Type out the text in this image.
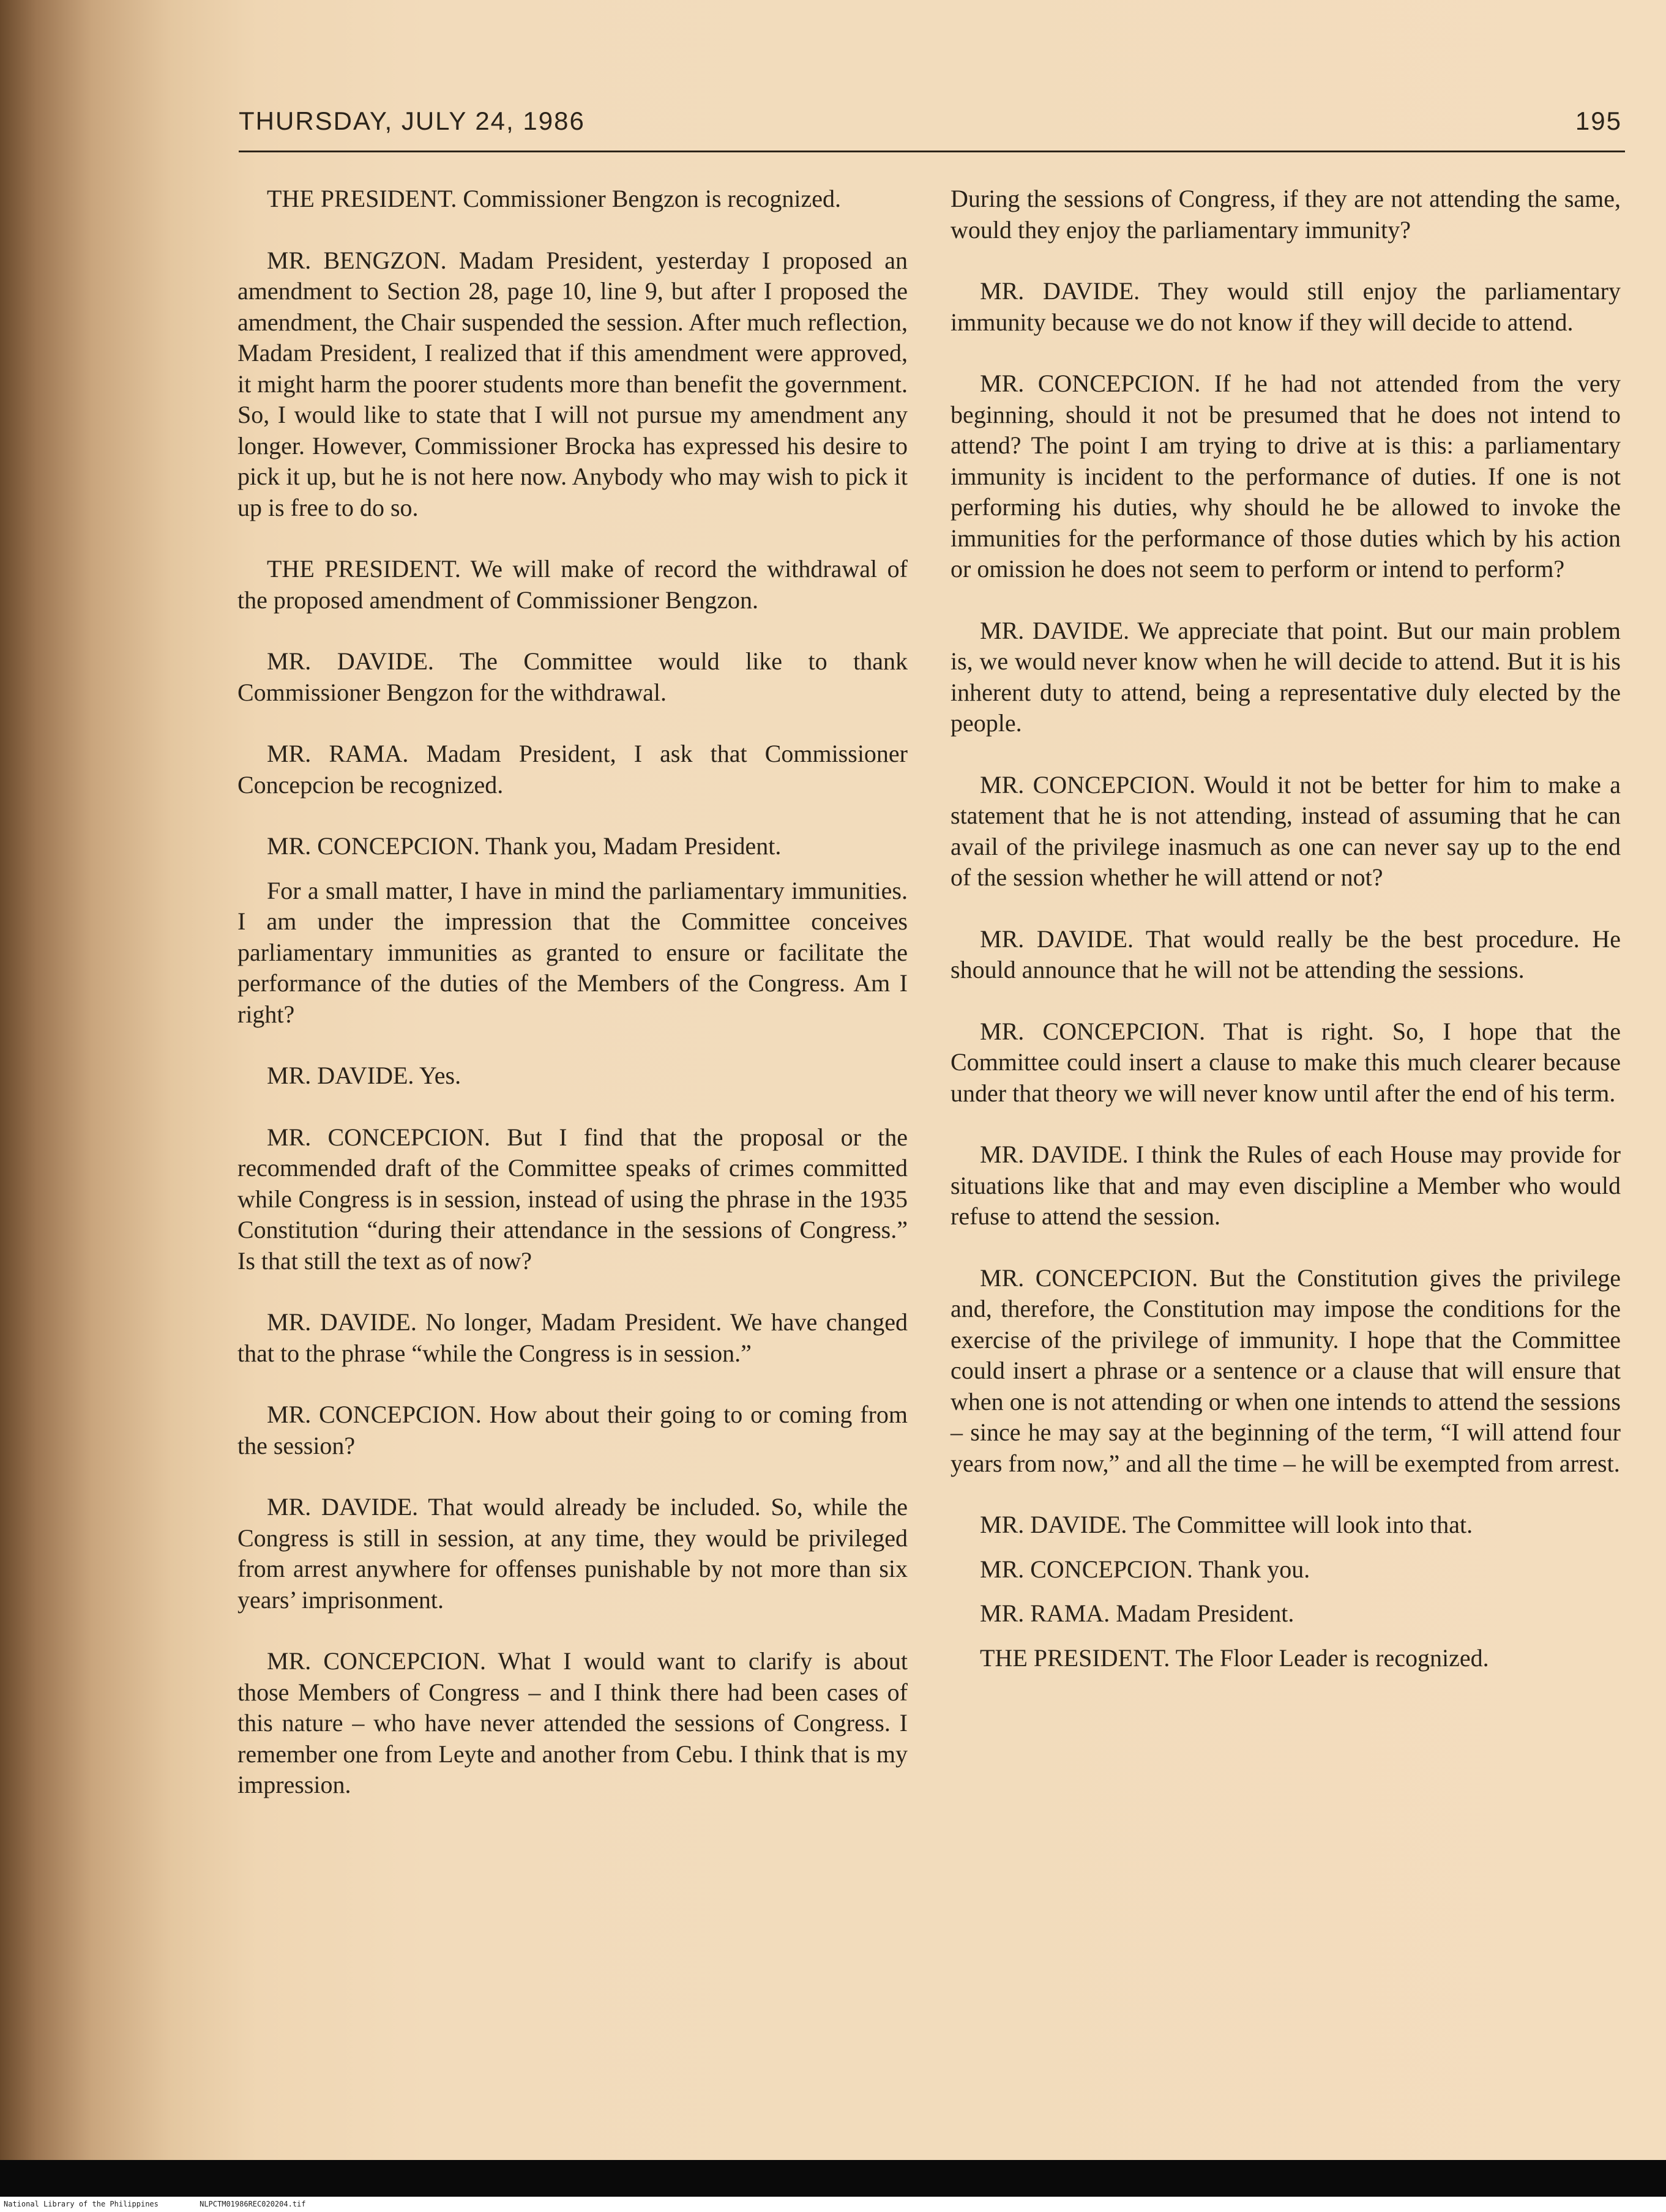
THURSDAY, JULY 24, 1986	195

THE PRESIDENT. Commissioner Bengzon is recognized.

MR. BENGZON. Madam President, yesterday I proposed an amendment to Section 28, page 10, line 9, but after I proposed the amendment, the Chair suspended the session. After much reflection, Madam President, I realized that if this amendment were approved, it might harm the poorer students more than benefit the government. So, I would like to state that I will not pursue my amendment any longer. However, Commissioner Brocka has expressed his desire to pick it up, but he is not here now. Anybody who may wish to pick it up is free to do so.

THE PRESIDENT. We will make of record the withdrawal of the proposed amendment of Commissioner Bengzon.

MR. DAVIDE. The Committee would like to thank Commissioner Bengzon for the withdrawal.

MR. RAMA. Madam President, I ask that Commissioner Concepcion be recognized.

MR. CONCEPCION. Thank you, Madam President.

For a small matter, I have in mind the parliamentary immunities. I am under the impression that the Committee conceives parliamentary immunities as granted to ensure or facilitate the performance of the duties of the Members of the Congress. Am I right?

MR. DAVIDE. Yes.

MR. CONCEPCION. But I find that the proposal or the recommended draft of the Committee speaks of crimes committed while Congress is in session, instead of using the phrase in the 1935 Constitution “during their attendance in the sessions of Congress.” Is that still the text as of now?

MR. DAVIDE. No longer, Madam President. We have changed that to the phrase “while the Congress is in session.”

MR. CONCEPCION. How about their going to or coming from the session?

MR. DAVIDE. That would already be included. So, while the Congress is still in session, at any time, they would be privileged from arrest anywhere for offenses punishable by not more than six years’ imprisonment.

MR. CONCEPCION. What I would want to clarify is about those Members of Congress – and I think there had been cases of this nature – who have never attended the sessions of Congress. I remember one from Leyte and another from Cebu. I think that is my impression.

During the sessions of Congress, if they are not attending the same, would they enjoy the parliamentary immunity?

MR. DAVIDE. They would still enjoy the parliamentary immunity because we do not know if they will decide to attend.

MR. CONCEPCION. If he had not attended from the very beginning, should it not be presumed that he does not intend to attend? The point I am trying to drive at is this: a parliamentary immunity is incident to the performance of duties. If one is not performing his duties, why should he be allowed to invoke the immunities for the performance of those duties which by his action or omission he does not seem to perform or intend to perform?

MR. DAVIDE. We appreciate that point. But our main problem is, we would never know when he will decide to attend. But it is his inherent duty to attend, being a representative duly elected by the people.

MR. CONCEPCION. Would it not be better for him to make a statement that he is not attending, instead of assuming that he can avail of the privilege inasmuch as one can never say up to the end of the session whether he will attend or not?

MR. DAVIDE. That would really be the best procedure. He should announce that he will not be attending the sessions.

MR. CONCEPCION. That is right. So, I hope that the Committee could insert a clause to make this much clearer because under that theory we will never know until after the end of his term.

MR. DAVIDE. I think the Rules of each House may provide for situations like that and may even discipline a Member who would refuse to attend the session.

MR. CONCEPCION. But the Constitution gives the privilege and, therefore, the Constitution may impose the conditions for the exercise of the privilege of immunity. I hope that the Committee could insert a phrase or a sentence or a clause that will ensure that when one is not attending or when one intends to attend the sessions – since he may say at the beginning of the term, “I will attend four years from now,” and all the time – he will be exempted from arrest.

MR. DAVIDE. The Committee will look into that.

MR. CONCEPCION. Thank you.

MR. RAMA. Madam President.

THE PRESIDENT. The Floor Leader is recognized.

National Library of the Philippines	NLPCTM01986REC020204.tif
